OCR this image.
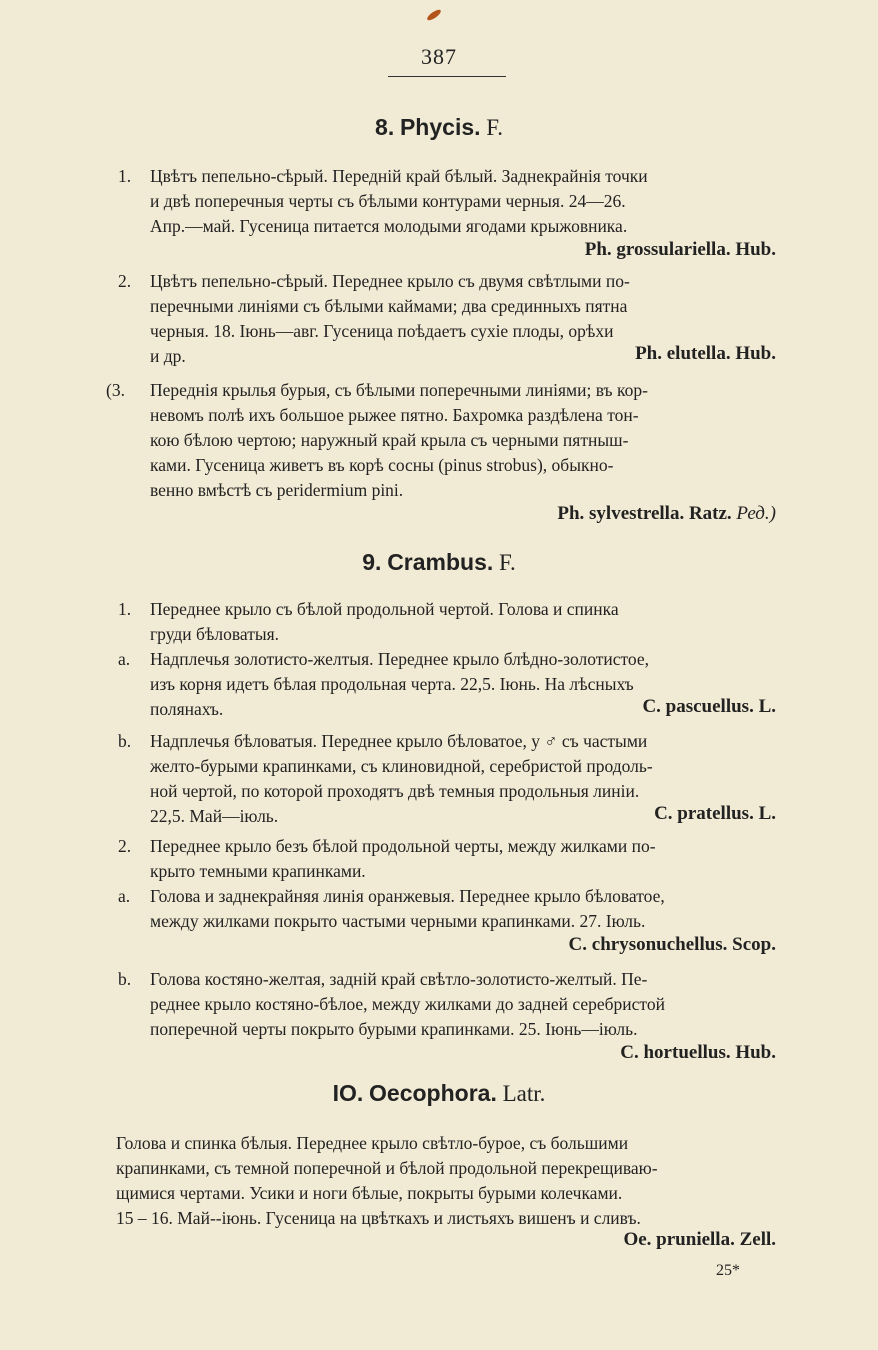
387
8. Phycis. F.
1. Цвѣтъ пепельно-сѣрый. Передній край бѣлый. Заднекрайнія точки
и двѣ поперечныя черты съ бѣлыми контурами черныя. 24—26.
Апр.—май. Гусеница питается молодыми ягодами крыжовника.
Ph. grossulariella. Hub.
2. Цвѣтъ пепельно-сѣрый. Переднее крыло съ двумя свѣтлыми по-
перечными линіями съ бѣлыми каймами; два срединныхъ пятна
черныя. 18. Іюнь—авг. Гусеница поѣдаетъ сухіе плоды, орѣхи
и др.	Ph. elutella. Hub.
(3. Переднія крылья бурыя, съ бѣлыми поперечными линіями; въ кор-
невомъ полѣ ихъ большое рыжее пятно. Бахромка раздѣлена тон-
кою бѣлою чертою; наружный край крыла съ черными пятныш-
ками. Гусеница живетъ въ корѣ сосны (pinus strobus), обыкно-
венно вмѣстѣ съ peridermium pini.
Ph. sylvestrella. Ratz. Ред.)
9. Crambus. F.
1. Переднее крыло съ бѣлой продольной чертой. Голова и спинка
груди бѣловатыя.
a. Надплечья золотисто-желтыя. Переднее крыло блѣдно-золотистое,
изъ корня идетъ бѣлая продольная черта. 22,5. Іюнь. На лѣсныхъ
полянахъ.	C. pascuellus. L.
b. Надплечья бѣловатыя. Переднее крыло бѣловатое, у ♂ съ частыми
желто-бурыми крапинками, съ клиновидной, серебристой продоль-
ной чертой, по которой проходятъ двѣ темныя продольныя линіи.
22,5. Май—іюль.	C. pratellus. L.
2. Переднее крыло безъ бѣлой продольной черты, между жилками по-
крыто темными крапинками.
a. Голова и заднекрайняя линія оранжевыя. Переднее крыло бѣловатое,
между жилками покрыто частыми черными крапинками. 27. Іюль.
C. chrysonuchellus. Scop.
b. Голова костяно-желтая, задній край свѣтло-золотисто-желтый. Пе-
реднее крыло костяно-бѣлое, между жилками до задней серебристой
поперечной черты покрыто бурыми крапинками. 25. Іюнь—іюль.
C. hortuellus. Hub.
IO. Oecophora. Latr.
Голова и спинка бѣлыя. Переднее крыло свѣтло-бурое, съ большими
крапинками, съ темной поперечной и бѣлой продольной перекрещиваю-
щимися чертами. Усики и ноги бѣлые, покрыты бурыми колечками.
15 – 16. Май--іюнь. Гусеница на цвѣткахъ и листьяхъ вишенъ и сливъ.
Oe. pruniella. Zell.
25*
